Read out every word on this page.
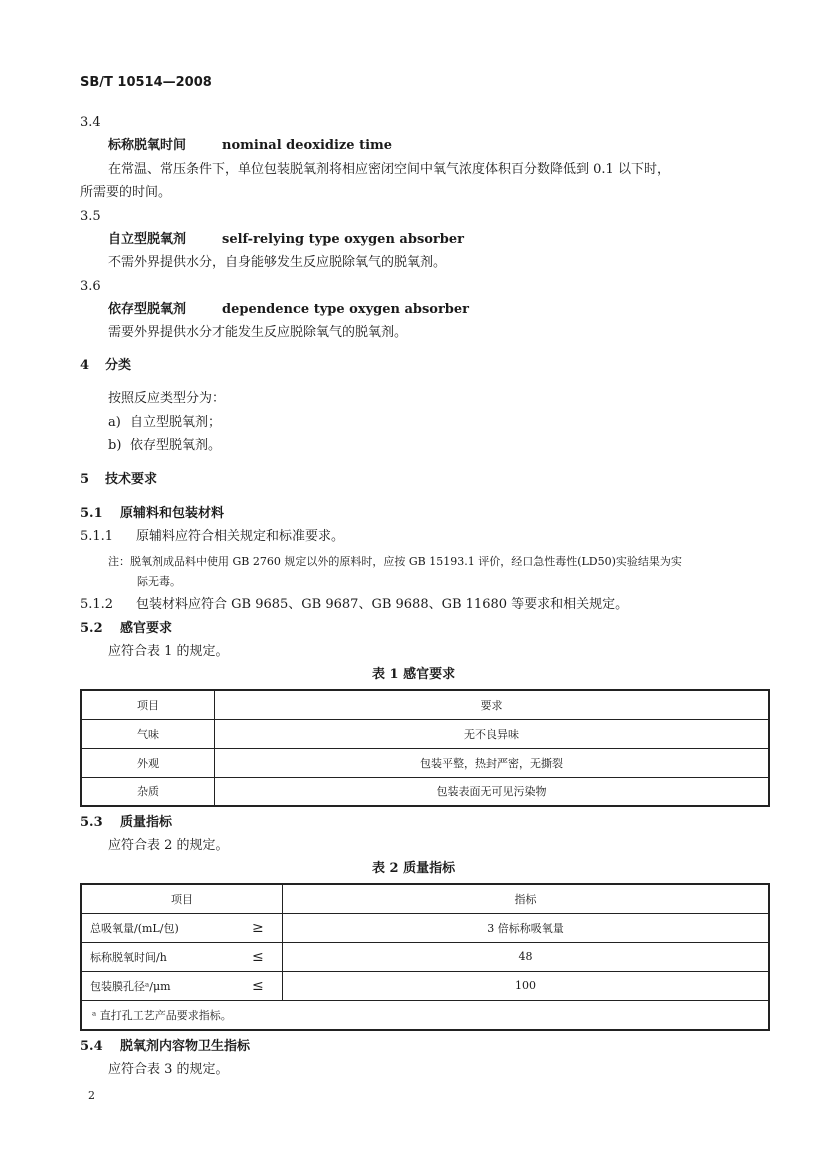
SB/T 10514—2008
3.4
标称脱氧时间	nominal deoxidize time
在常温、常压条件下，单位包装脱氧剂将相应密闭空间中氧气浓度体积百分数降低到 0.1 以下时，
所需要的时间。
3.5
自立型脱氧剂	self-relying type oxygen absorber
不需外界提供水分，自身能够发生反应脱除氧气的脱氧剂。
3.6
依存型脱氧剂	dependence type oxygen absorber
需要外界提供水分才能发生反应脱除氧气的脱氧剂。
4 分类
按照反应类型分为：
a) 自立型脱氧剂；
b) 依存型脱氧剂。
5 技术要求
5.1 原辅料和包装材料
5.1.1 原辅料应符合相关规定和标准要求。
注：脱氧剂成品料中使用 GB 2760 规定以外的原料时，应按 GB 15193.1 评价，经口急性毒性(LD50)实验结果为实
际无毒。
5.1.2 包装材料应符合 GB 9685、GB 9687、GB 9688、GB 11680 等要求和相关规定。
5.2 感官要求
应符合表 1 的规定。
表 1 感官要求
项目	要求
气味	无不良异味
外观	包装平整，热封严密，无撕裂
杂质	包装表面无可见污染物
5.3 质量指标
应符合表 2 的规定。
表 2 质量指标
项目		指标
总吸氧量/(mL/包)	≥	3 倍标称吸氧量
标称脱氧时间/h	≤	48
包装膜孔径ᵃ/μm	≤	100
ᵃ 直打孔工艺产品要求指标。		
5.4 脱氧剂内容物卫生指标
应符合表 3 的规定。
2
